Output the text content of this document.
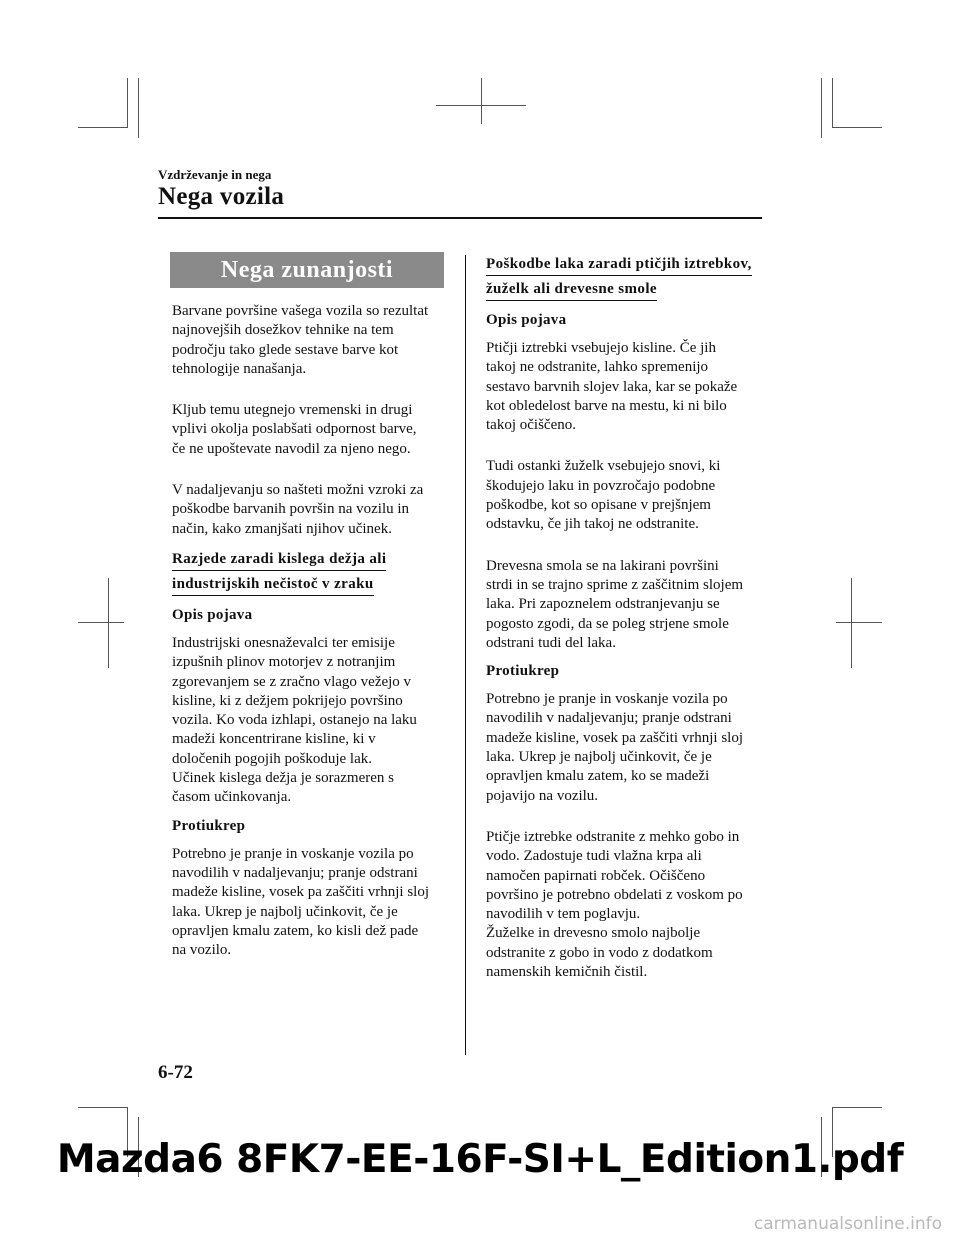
Vzdrževanje in nega
Nega vozila
Nega zunanjosti

Barvane površine vašega vozila so rezultat
najnovejših dosežkov tehnike na tem
področju tako glede sestave barve kot
tehnologije nanašanja.

Kljub temu utegnejo vremenski in drugi
vplivi okolja poslabšati odpornost barve,
če ne upoštevate navodil za njeno nego.

V nadaljevanju so našteti možni vzroki za
poškodbe barvanih površin na vozilu in
način, kako zmanjšati njihov učinek.

Razjede zaradi kislega dežja ali
industrijskih nečistoč v zraku
Opis pojava

Industrijski onesnaževalci ter emisije
izpušnih plinov motorjev z notranjim
zgorevanjem se z zračno vlago vežejo v
kisline, ki z dežjem pokrijejo površino
vozila. Ko voda izhlapi, ostanejo na laku
madeži koncentrirane kisline, ki v
določenih pogojih poškoduje lak.
Učinek kislega dežja je sorazmeren s
časom učinkovanja.

Protiukrep

Potrebno je pranje in voskanje vozila po
navodilih v nadaljevanju; pranje odstrani
madeže kisline, vosek pa zaščiti vrhnji sloj
laka. Ukrep je najbolj učinkovit, če je
opravljen kmalu zatem, ko kisli dež pade
na vozilo.

Poškodbe laka zaradi ptičjih iztrebkov,
žuželk ali drevesne smole
Opis pojava

Ptičji iztrebki vsebujejo kisline. Če jih
takoj ne odstranite, lahko spremenijo
sestavo barvnih slojev laka, kar se pokaže
kot obledelost barve na mestu, ki ni bilo
takoj očiščeno.

Tudi ostanki žuželk vsebujejo snovi, ki
škodujejo laku in povzročajo podobne
poškodbe, kot so opisane v prejšnjem
odstavku, če jih takoj ne odstranite.

Drevesna smola se na lakirani površini
strdi in se trajno sprime z zaščitnim slojem
laka. Pri zapoznelem odstranjevanju se
pogosto zgodi, da se poleg strjene smole
odstrani tudi del laka.

Protiukrep

Potrebno je pranje in voskanje vozila po
navodilih v nadaljevanju; pranje odstrani
madeže kisline, vosek pa zaščiti vrhnji sloj
laka. Ukrep je najbolj učinkovit, če je
opravljen kmalu zatem, ko se madeži
pojavijo na vozilu.

Ptičje iztrebke odstranite z mehko gobo in
vodo. Zadostuje tudi vlažna krpa ali
namočen papirnati robček. Očiščeno
površino je potrebno obdelati z voskom po
navodilih v tem poglavju.
Žuželke in drevesno smolo najbolje
odstranite z gobo in vodo z dodatkom
namenskih kemičnih čistil.

6-72
Mazda6 8FK7-EE-16F-SI+L_Edition1.pdf
carmanualsonline.info
